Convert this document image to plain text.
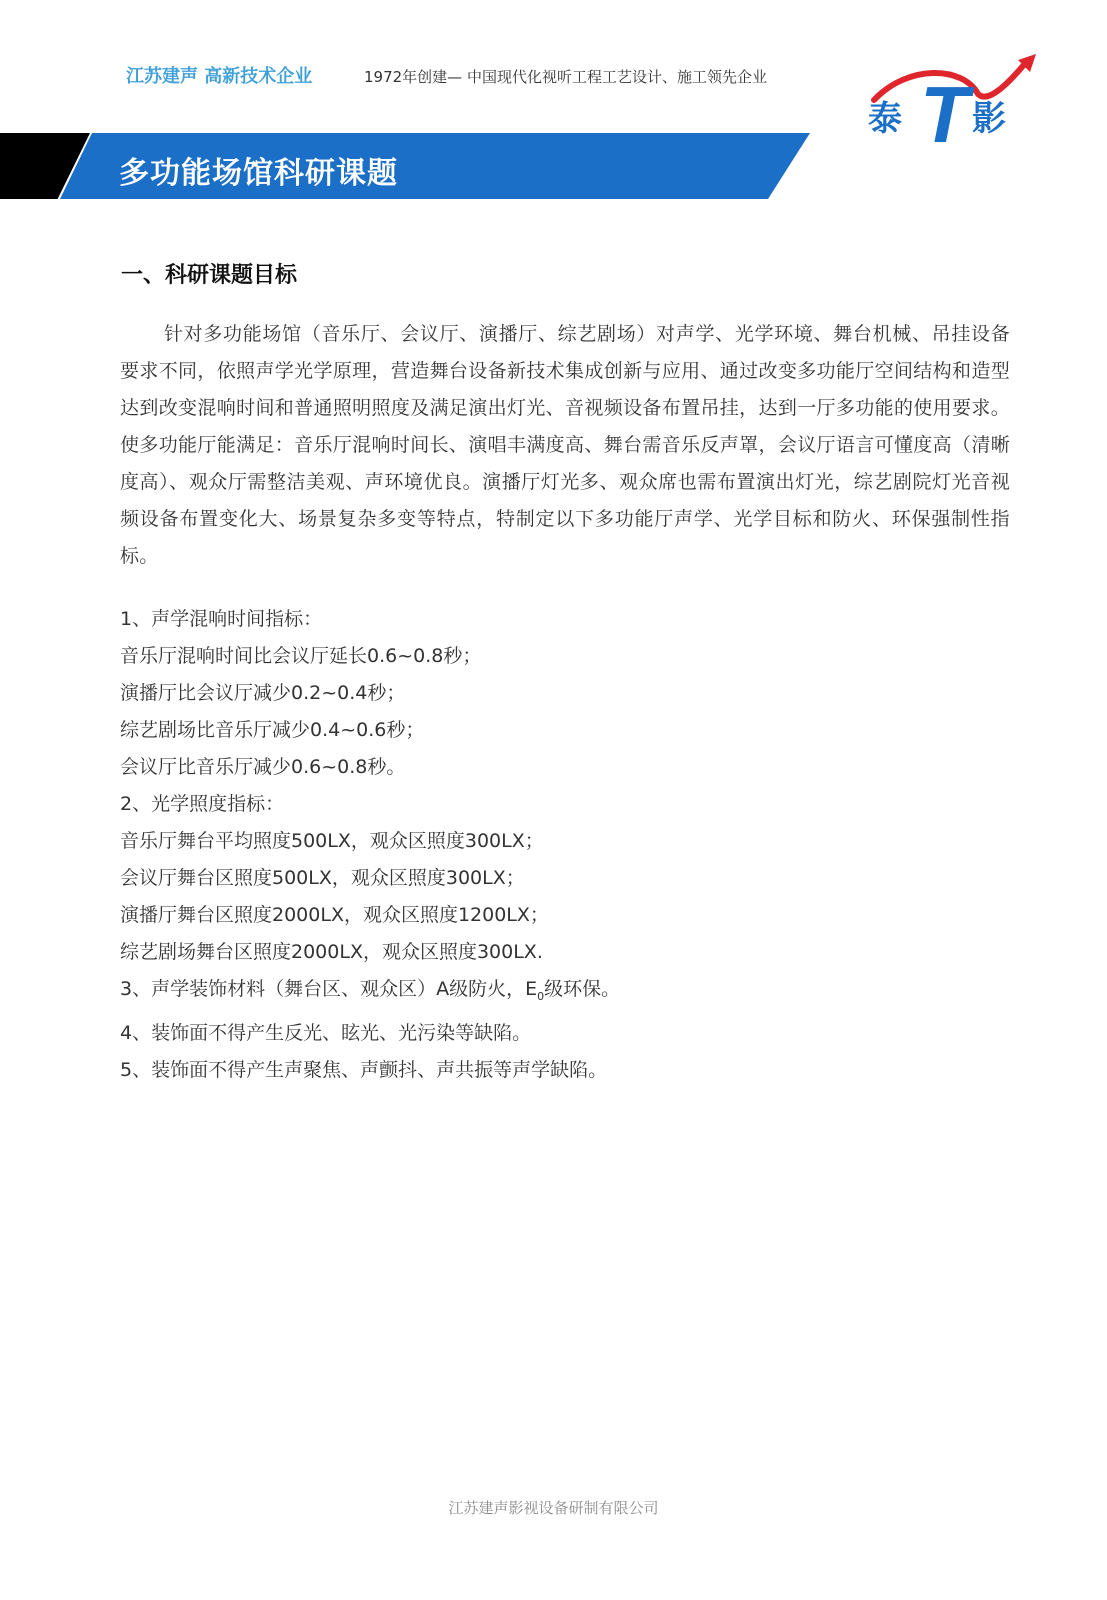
江苏建声 高新技术企业	1972年创建— 中国现代化视听工程工艺设计、施工领先企业 T
泰 影
多功能场馆科研课题
一、科研课题目标

针对多功能场馆（音乐厅、会议厅、演播厅、综艺剧场）对声学、光学环境、舞台机械、吊挂设备要求不同，依照声学光学原理，营造舞台设备新技术集成创新与应用、通过改变多功能厅空间结构和造型达到改变混响时间和普通照明照度及满足演出灯光、音视频设备布置吊挂，达到一厅多功能的使用要求。使多功能厅能满足：音乐厅混响时间长、演唱丰满度高、舞台需音乐反声罩，会议厅语言可懂度高（清晰度高）、观众厅需整洁美观、声环境优良。演播厅灯光多、观众席也需布置演出灯光，综艺剧院灯光音视频设备布置变化大、场景复杂多变等特点，特制定以下多功能厅声学、光学目标和防火、环保强制性指标。

1、声学混响时间指标：
音乐厅混响时间比会议厅延长0.6~0.8秒；
演播厅比会议厅减少0.2~0.4秒；
综艺剧场比音乐厅减少0.4~0.6秒；
会议厅比音乐厅减少0.6~0.8秒。
2、光学照度指标：
音乐厅舞台平均照度500LX，观众区照度300LX；
会议厅舞台区照度500LX，观众区照度300LX；
演播厅舞台区照度2000LX，观众区照度1200LX；
综艺剧场舞台区照度2000LX，观众区照度300LX.
3、声学装饰材料（舞台区、观众区）A级防火，$E_0$级环保。
4、装饰面不得产生反光、眩光、光污染等缺陷。
5、装饰面不得产生声聚焦、声颤抖、声共振等声学缺陷。
江苏建声影视设备研制有限公司
